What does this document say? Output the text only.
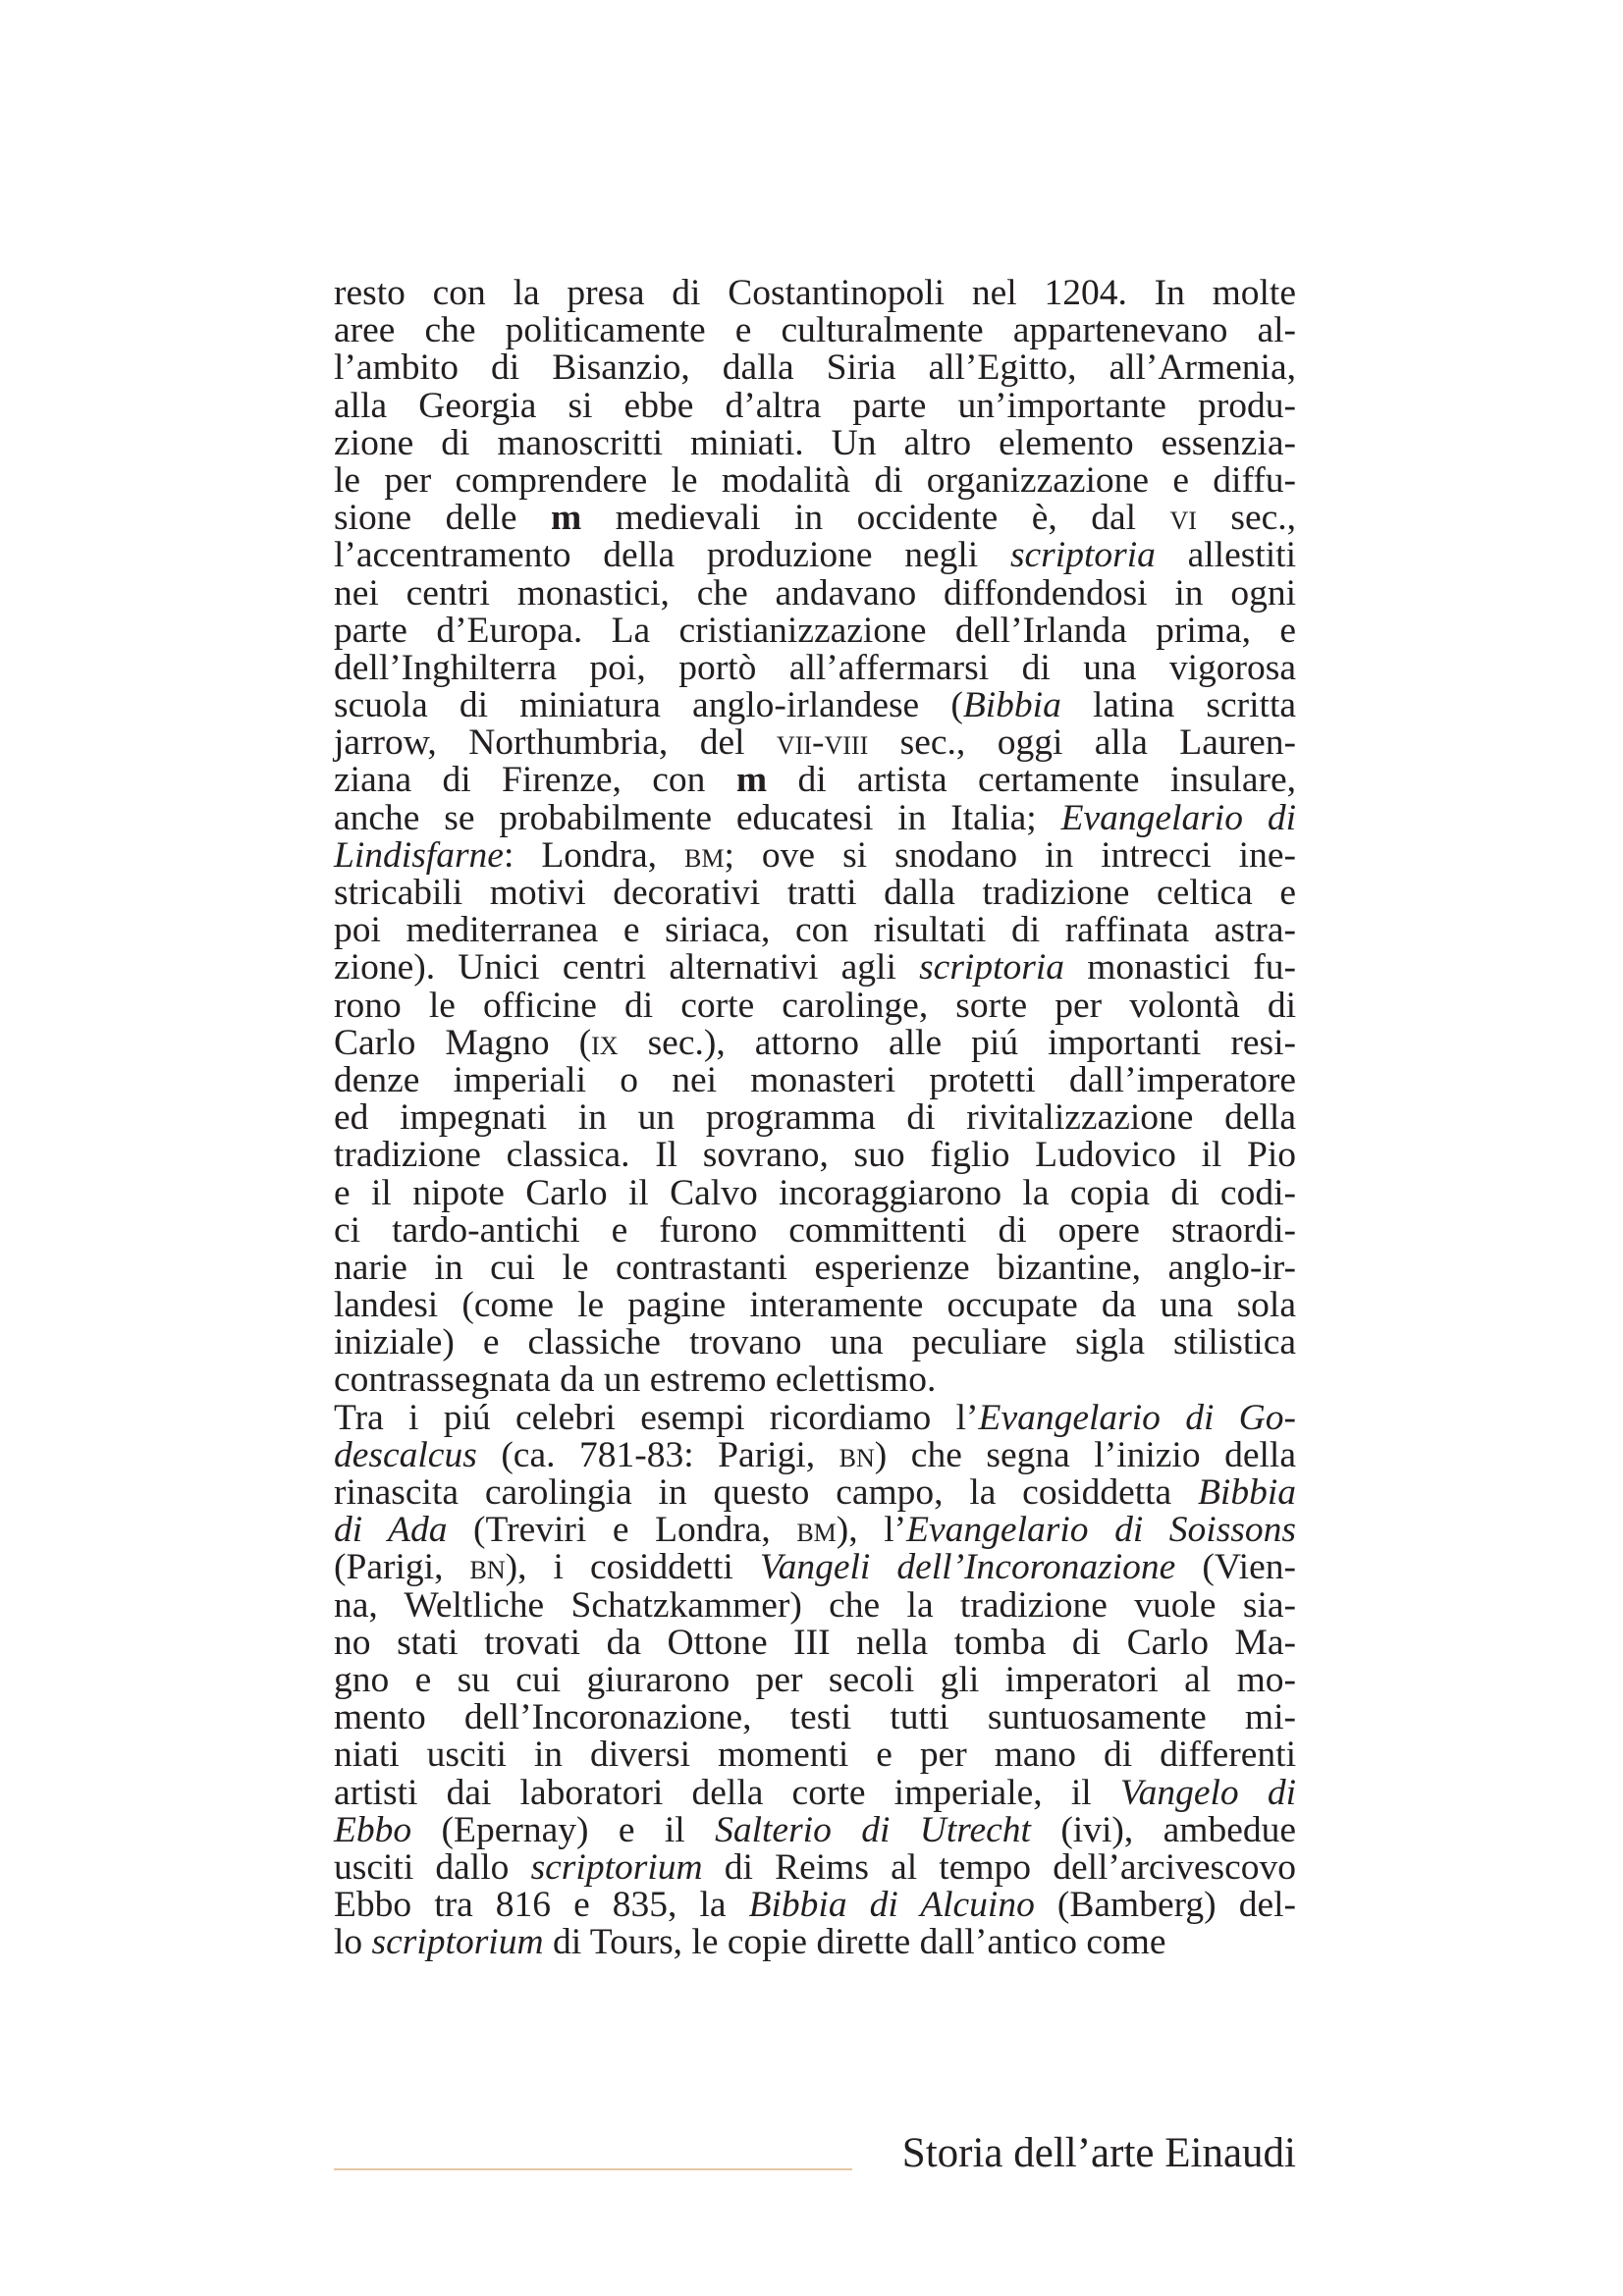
resto con la presa di Costantinopoli nel 1204. In molte
aree che politicamente e culturalmente appartenevano al-
l’ambito di Bisanzio, dalla Siria all’Egitto, all’Armenia,
alla Georgia si ebbe d’altra parte un’importante produ-
zione di manoscritti miniati. Un altro elemento essenzia-
le per comprendere le modalità di organizzazione e diffu-
sione delle m medievali in occidente è, dal vi sec.,
l’accentramento della produzione negli scriptoria allestiti
nei centri monastici, che andavano diffondendosi in ogni
parte d’Europa. La cristianizzazione dell’Irlanda prima, e
dell’Inghilterra poi, portò all’affermarsi di una vigorosa
scuola di miniatura anglo-irlandese (Bibbia latina scritta
jarrow, Northumbria, del vii-viii sec., oggi alla Lauren-
ziana di Firenze, con m di artista certamente insulare,
anche se probabilmente educatesi in Italia; Evangelario di
Lindisfarne: Londra, bm; ove si snodano in intrecci ine-
stricabili motivi decorativi tratti dalla tradizione celtica e
poi mediterranea e siriaca, con risultati di raffinata astra-
zione). Unici centri alternativi agli scriptoria monastici fu-
rono le officine di corte carolinge, sorte per volontà di
Carlo Magno (ix sec.), attorno alle piú importanti resi-
denze imperiali o nei monasteri protetti dall’imperatore
ed impegnati in un programma di rivitalizzazione della
tradizione classica. Il sovrano, suo figlio Ludovico il Pio
e il nipote Carlo il Calvo incoraggiarono la copia di codi-
ci tardo-antichi e furono committenti di opere straordi-
narie in cui le contrastanti esperienze bizantine, anglo-ir-
landesi (come le pagine interamente occupate da una sola
iniziale) e classiche trovano una peculiare sigla stilistica
contrassegnata da un estremo eclettismo.
Tra i piú celebri esempi ricordiamo l’Evangelario di Go-
descalcus (ca. 781-83: Parigi, bn) che segna l’inizio della
rinascita carolingia in questo campo, la cosiddetta Bibbia
di Ada (Treviri e Londra, bm), l’Evangelario di Soissons
(Parigi, bn), i cosiddetti Vangeli dell’Incoronazione (Vien-
na, Weltliche Schatzkammer) che la tradizione vuole sia-
no stati trovati da Ottone III nella tomba di Carlo Ma-
gno e su cui giurarono per secoli gli imperatori al mo-
mento dell’Incoronazione, testi tutti suntuosamente mi-
niati usciti in diversi momenti e per mano di differenti
artisti dai laboratori della corte imperiale, il Vangelo di
Ebbo (Epernay) e il Salterio di Utrecht (ivi), ambedue
usciti dallo scriptorium di Reims al tempo dell’arcivescovo
Ebbo tra 816 e 835, la Bibbia di Alcuino (Bamberg) del-
lo scriptorium di Tours, le copie dirette dall’antico come
Storia dell’arte Einaudi
